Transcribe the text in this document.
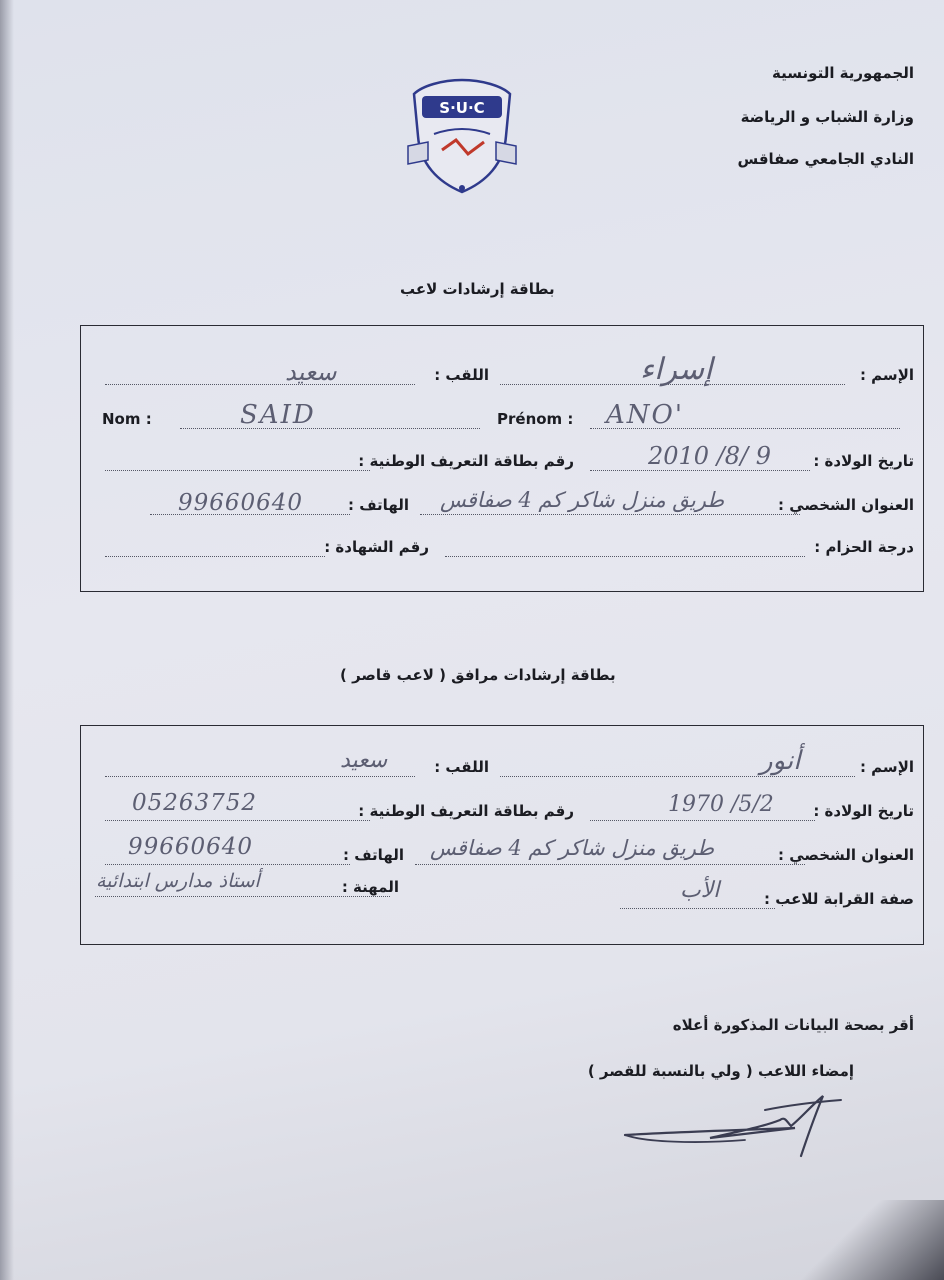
الجمهورية التونسية
وزارة الشباب و الرياضة
النادي الجامعي صفاقس
S·U·C
بطاقة إرشادات لاعب
الإسم :
إسراء
اللقب :
سعيد
Nom :	SAID	Prénom : ANO'
تاريخ الولادة :
2010 /8/ 9
رقم بطاقة التعريف الوطنية :
العنوان الشخصي :
طريق منزل شاكر كم 4 صفاقس
الهاتف :
99660640
درجة الحزام :
رقم الشهادة :
بطاقة إرشادات مرافق ( لاعب قاصر )
الإسم :
أنور
اللقب :
سعيد
تاريخ الولادة :
1970 /5/2
رقم بطاقة التعريف الوطنية :
05263752
العنوان الشخصي :
طريق منزل شاكر كم 4 صفاقس
الهاتف :
99660640
صفة القرابة للاعب :
الأب
المهنة :
أستاذ مدارس ابتدائية
أقر بصحة البيانات المذكورة أعلاه
إمضاء اللاعب ( ولي بالنسبة للقصر )
